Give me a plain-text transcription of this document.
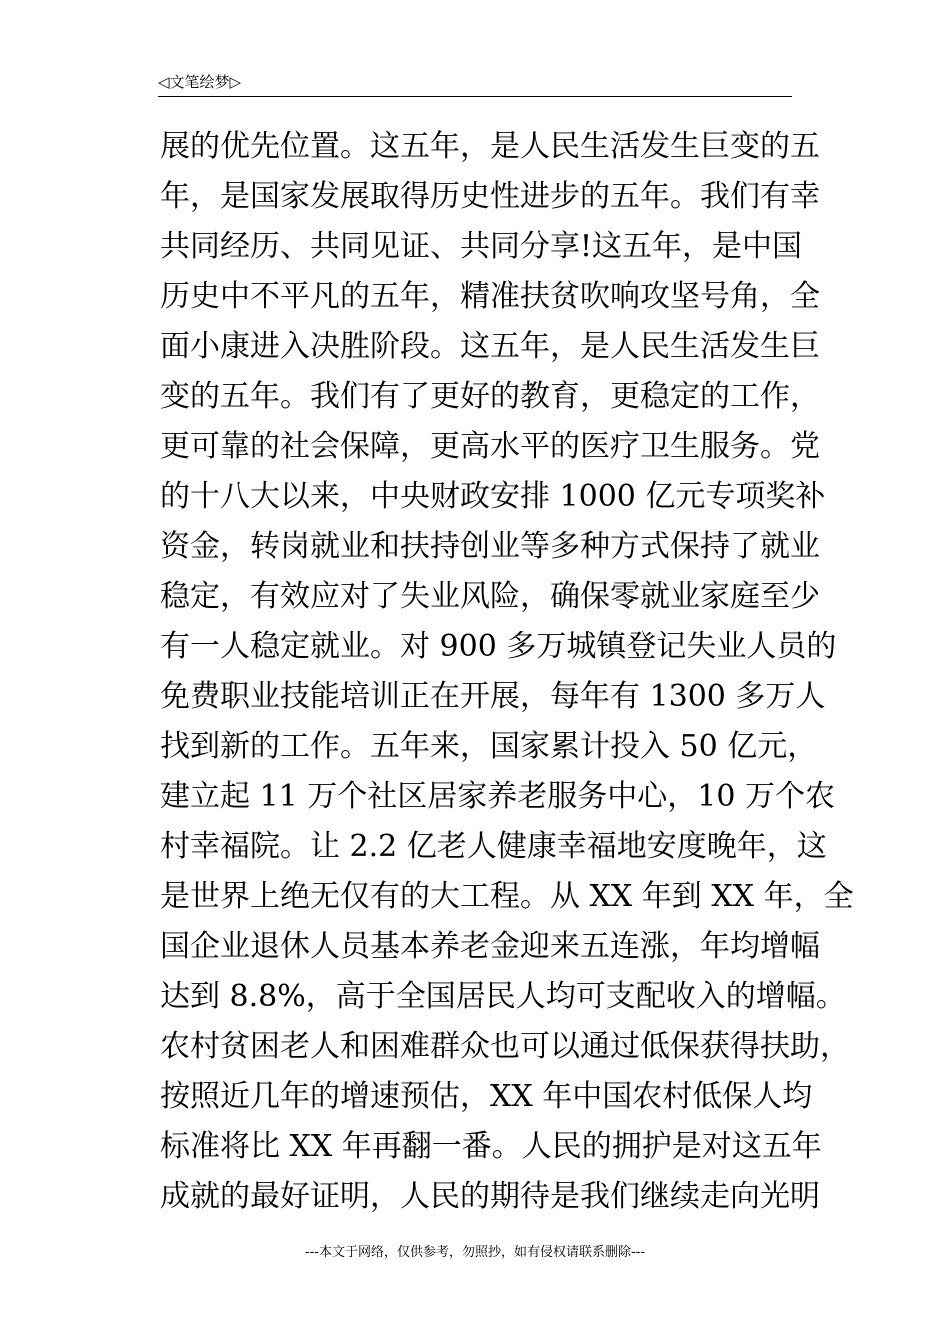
◁文笔绘梦▷
展的优先位置。这五年，是人民生活发生巨变的五
年，是国家发展取得历史性进步的五年。我们有幸
共同经历、共同见证、共同分享!这五年，是中国
历史中不平凡的五年，精准扶贫吹响攻坚号角，全
面小康进入决胜阶段。这五年，是人民生活发生巨
变的五年。我们有了更好的教育，更稳定的工作，
更可靠的社会保障，更高水平的医疗卫生服务。党
的十八大以来，中央财政安排 1000 亿元专项奖补
资金，转岗就业和扶持创业等多种方式保持了就业
稳定，有效应对了失业风险，确保零就业家庭至少
有一人稳定就业。对 900 多万城镇登记失业人员的
免费职业技能培训正在开展，每年有 1300 多万人
找到新的工作。五年来，国家累计投入 50 亿元，
建立起 11 万个社区居家养老服务中心，10 万个农
村幸福院。让 2.2 亿老人健康幸福地安度晚年，这
是世界上绝无仅有的大工程。从 XX 年到 XX 年，全
国企业退休人员基本养老金迎来五连涨，年均增幅
达到 8.8%，高于全国居民人均可支配收入的增幅。
农村贫困老人和困难群众也可以通过低保获得扶助，
按照近几年的增速预估，XX 年中国农村低保人均
标准将比 XX 年再翻一番。人民的拥护是对这五年
成就的最好证明，人民的期待是我们继续走向光明
---本文于网络，仅供参考，勿照抄，如有侵权请联系删除---
